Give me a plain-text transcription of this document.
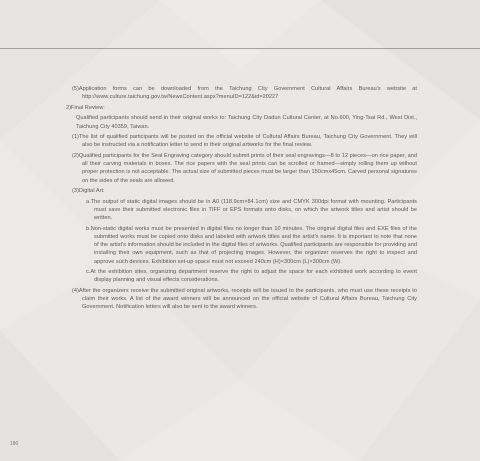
(5)Application forms can be downloaded from the Taichung City Government Cultural Affairs Bureau's website at http://www.culture.taichung.gov.tw/NewsContent.aspx?menuID=122&id=20227

2)Final Review:

Qualified participants should send in their original works to: Taichung City Dadun Cultural Center, at No.600, Ying-Tsai Rd., West Dist., Taichung City 40359, Taiwan.

(1)The list of qualified participants will be posted on the official website of Cultural Affairs Bureau, Taichung City Government. They will also be instructed via a notification letter to send in their original artworks for the final review.

(2)Qualified participants for the Seal Engraving category should submit prints of their seal engravings—8 to 12 pieces—on rice paper, and all their carving materials in boxes. The rice papers with the seal prints can be scrolled or framed—simply rolling them up without proper protection is not acceptable. The actual size of submitted pieces must be larger than 150cmx45cm. Carved personal signatures on the sides of the seals are allowed.

(3)Digital Art:

a.The output of static digital images should be in A0 (118.9cm×84.1cm) size and CMYK 300dpi format with mounting. Participants must save their submitted electronic files in TIFF or EPS formats onto disks, on which the artwork titles and artist should be written.

b.Non-static digital works must be presented in digital files no longer than 10 minutes. The original digital files and EXE files of the submitted works must be copied onto disks and labeled with artwork titles and the artist's name. It is important to note that none of the artist's information should be included in the digital files of artworks. Qualified participants are responsible for providing and installing their own equipment, such as that of projecting images. However, the organizer reserves the right to inspect and approve such devices. Exhibition set-up space must not exceed 240cm (H)×300cm (L)×300cm (W).

c.At the exhibition sites, organizing department reserve the right to adjust the space for each exhibited work according to event display planning and visual effects considerations.

(4)After the organizers receive the submitted original artworks, receipts will be issued to the participants, who must use these receipts to claim their works. A list of the award winners will be announced on the official website of Cultural Affairs Bureau, Taichung City Government. Notification letters will also be sent to the award winners.

180
